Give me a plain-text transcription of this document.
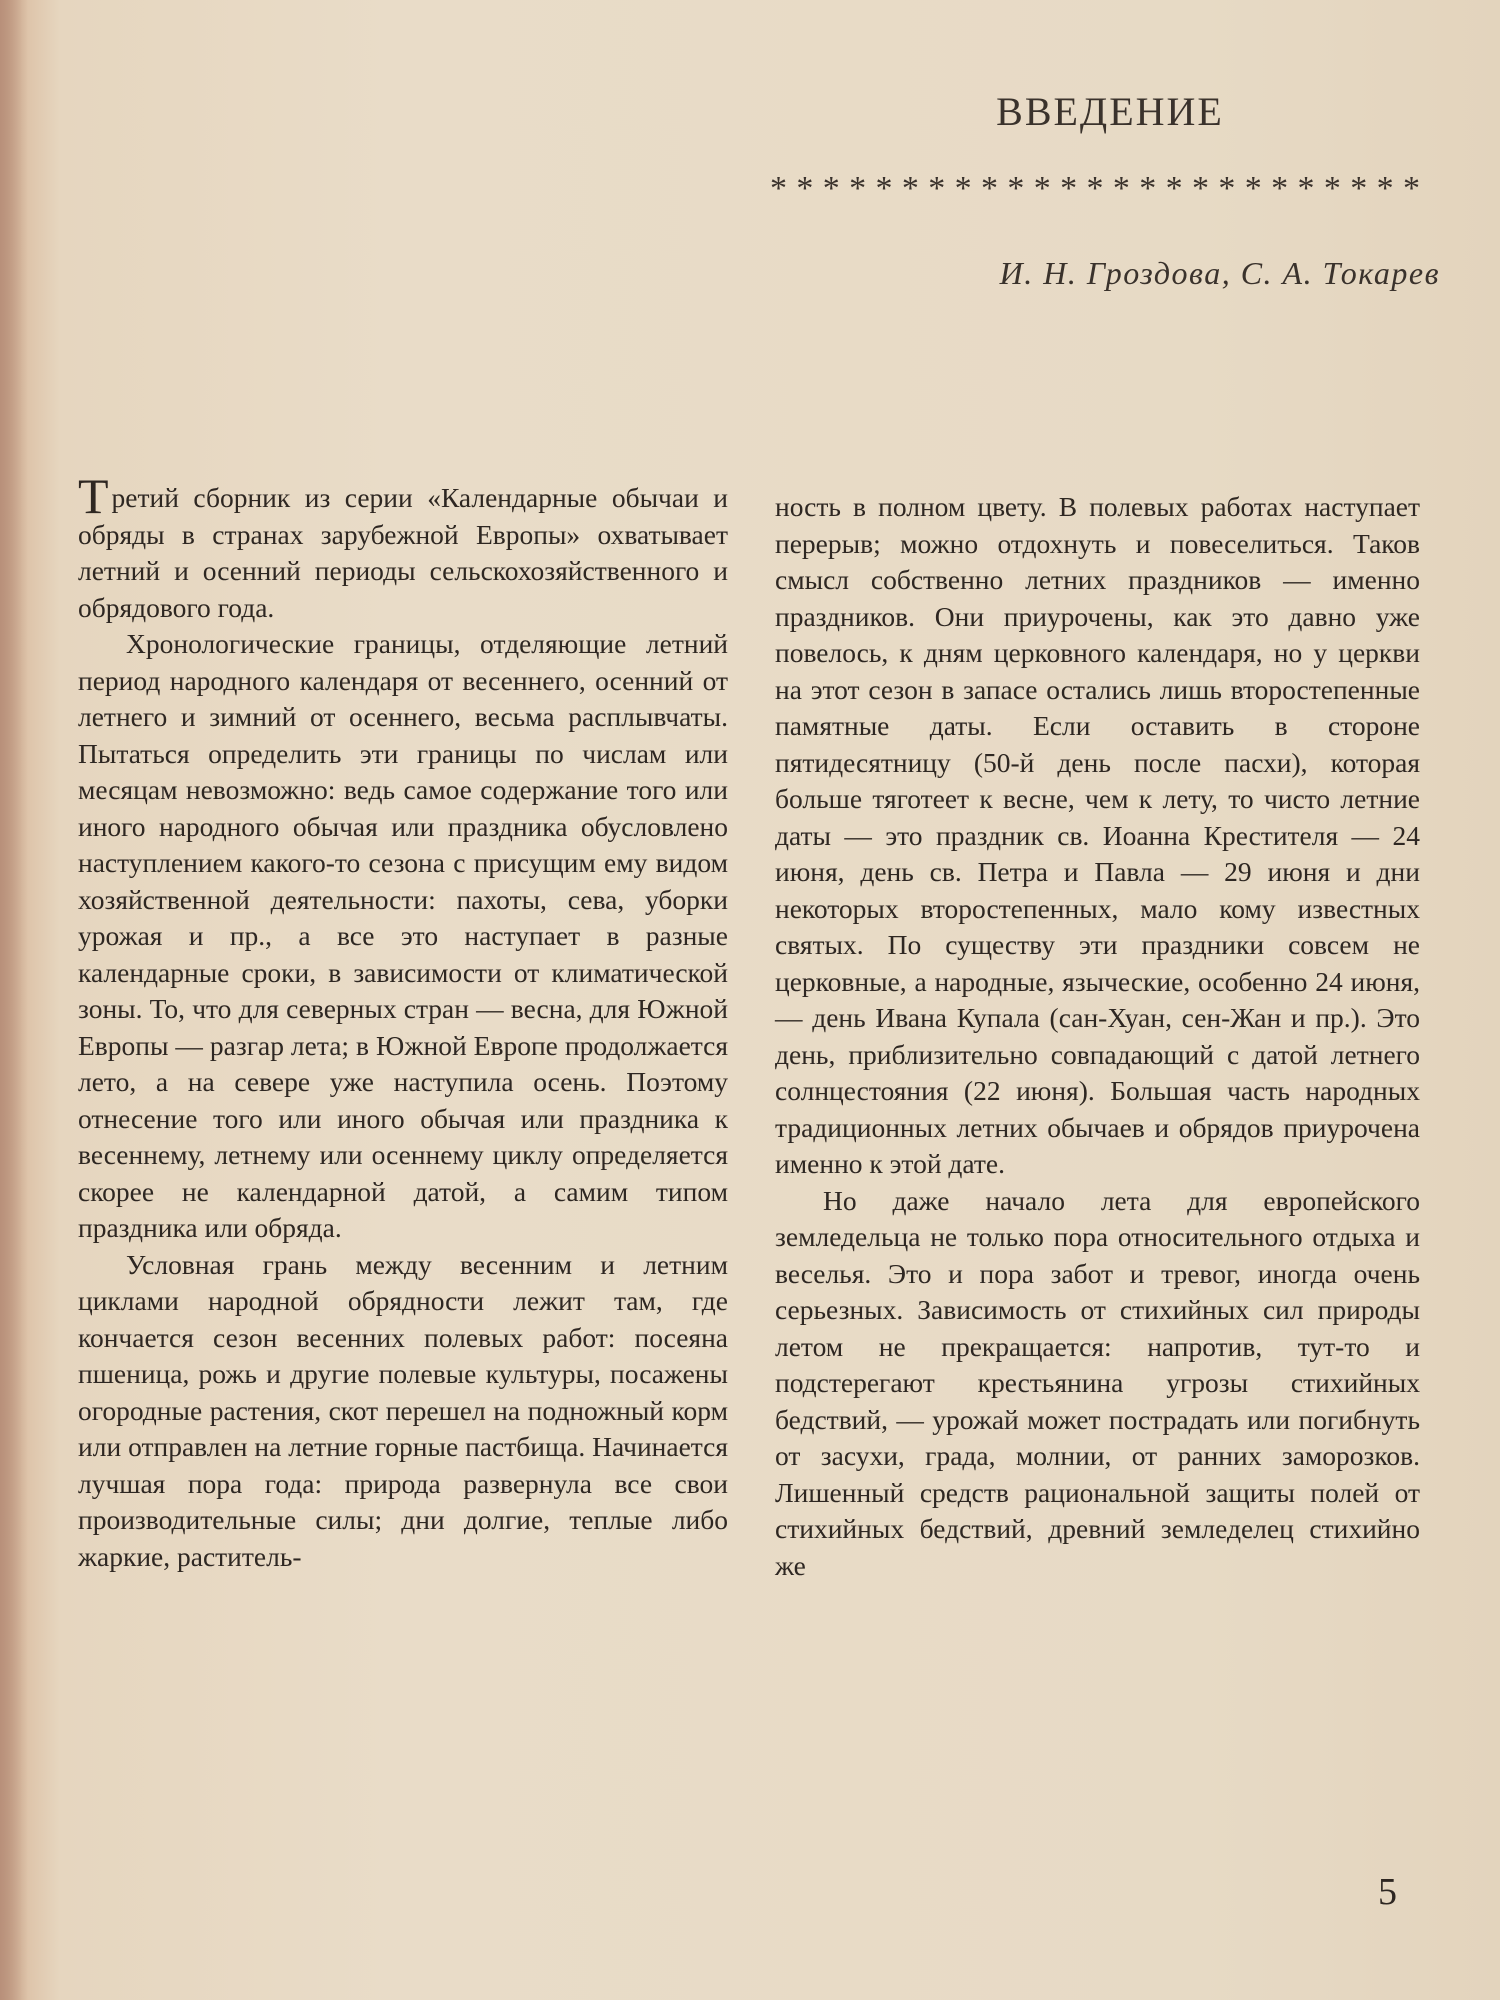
ВВЕДЕНИЕ
* * * * * * * * * * * * * * * * * * * * * * * * *

И. Н. Гроздова, С. А. Токарев

Третий сборник из серии «Календарные обычаи и обряды в странах зарубежной Европы» охватывает летний и осенний периоды сельскохозяйственного и обрядового года.

Хронологические границы, отделяющие летний период народного календаря от весеннего, осенний от летнего и зимний от осеннего, весьма расплывчаты. Пытаться определить эти границы по числам или месяцам невозможно: ведь самое содержание того или иного народного обычая или праздника обусловлено наступлением какого-то сезона с присущим ему видом хозяйственной деятельности: пахоты, сева, уборки урожая и пр., а все это наступает в разные календарные сроки, в зависимости от климатической зоны. То, что для северных стран — весна, для Южной Европы — разгар лета; в Южной Европе продолжается лето, а на севере уже наступила осень. Поэтому отнесение того или иного обычая или праздника к весеннему, летнему или осеннему циклу определяется скорее не календарной датой, а самим типом праздника или обряда.

Условная грань между весенним и летним циклами народной обрядности лежит там, где кончается сезон весенних полевых работ: посеяна пшеница, рожь и другие полевые культуры, посажены огородные растения, скот перешел на подножный корм или отправлен на летние горные пастбища. Начинается лучшая пора года: природа развернула все свои производительные силы; дни долгие, теплые либо жаркие, раститель-

ность в полном цвету. В полевых работах наступает перерыв; можно отдохнуть и повеселиться. Таков смысл собственно летних праздников — именно праздников. Они приурочены, как это давно уже повелось, к дням церковного календаря, но у церкви на этот сезон в запасе остались лишь второстепенные памятные даты. Если оставить в стороне пятидесятницу (50-й день после пасхи), которая больше тяготеет к весне, чем к лету, то чисто летние даты — это праздник св. Иоанна Крестителя — 24 июня, день св. Петра и Павла — 29 июня и дни некоторых второстепенных, мало кому известных святых. По существу эти праздники совсем не церковные, а народные, языческие, особенно 24 июня, — день Ивана Купала (сан-Хуан, сен-Жан и пр.). Это день, приблизительно совпадающий с датой летнего солнцестояния (22 июня). Большая часть народных традиционных летних обычаев и обрядов приурочена именно к этой дате.

Но даже начало лета для европейского земледельца не только пора относительного отдыха и веселья. Это и пора забот и тревог, иногда очень серьезных. Зависимость от стихийных сил природы летом не прекращается: напротив, тут-то и подстерегают крестьянина угрозы стихийных бедствий, — урожай может пострадать или погибнуть от засухи, града, молнии, от ранних заморозков. Лишенный средств рациональной защиты полей от стихийных бедствий, древний земледелец стихийно же

5
